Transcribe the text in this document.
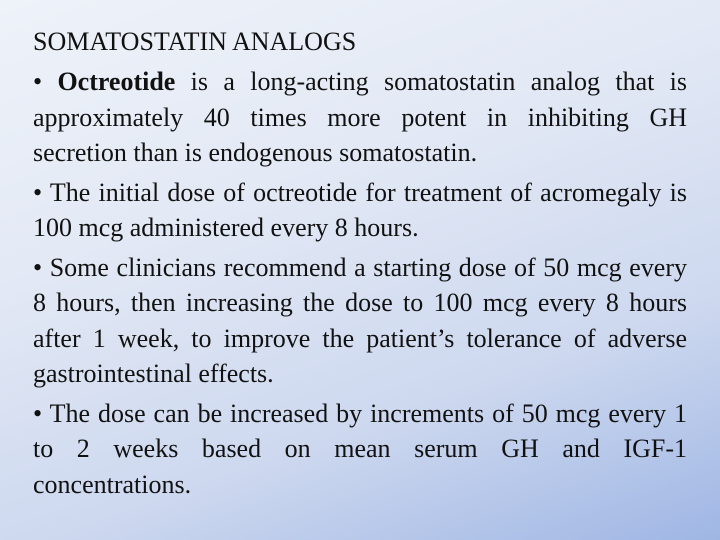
SOMATOSTATIN ANALOGS
• Octreotide is a long-acting somatostatin analog that is approximately 40 times more potent in inhibiting GH secretion than is endogenous somatostatin.
• The initial dose of octreotide for treatment of acromegaly is 100 mcg administered every 8 hours.
• Some clinicians recommend a starting dose of 50 mcg every 8 hours, then increasing the dose to 100 mcg every 8 hours after 1 week, to improve the patient’s tolerance of adverse gastrointestinal effects.
• The dose can be increased by increments of 50 mcg every 1 to 2 weeks based on mean serum GH and IGF-1 concentrations.
